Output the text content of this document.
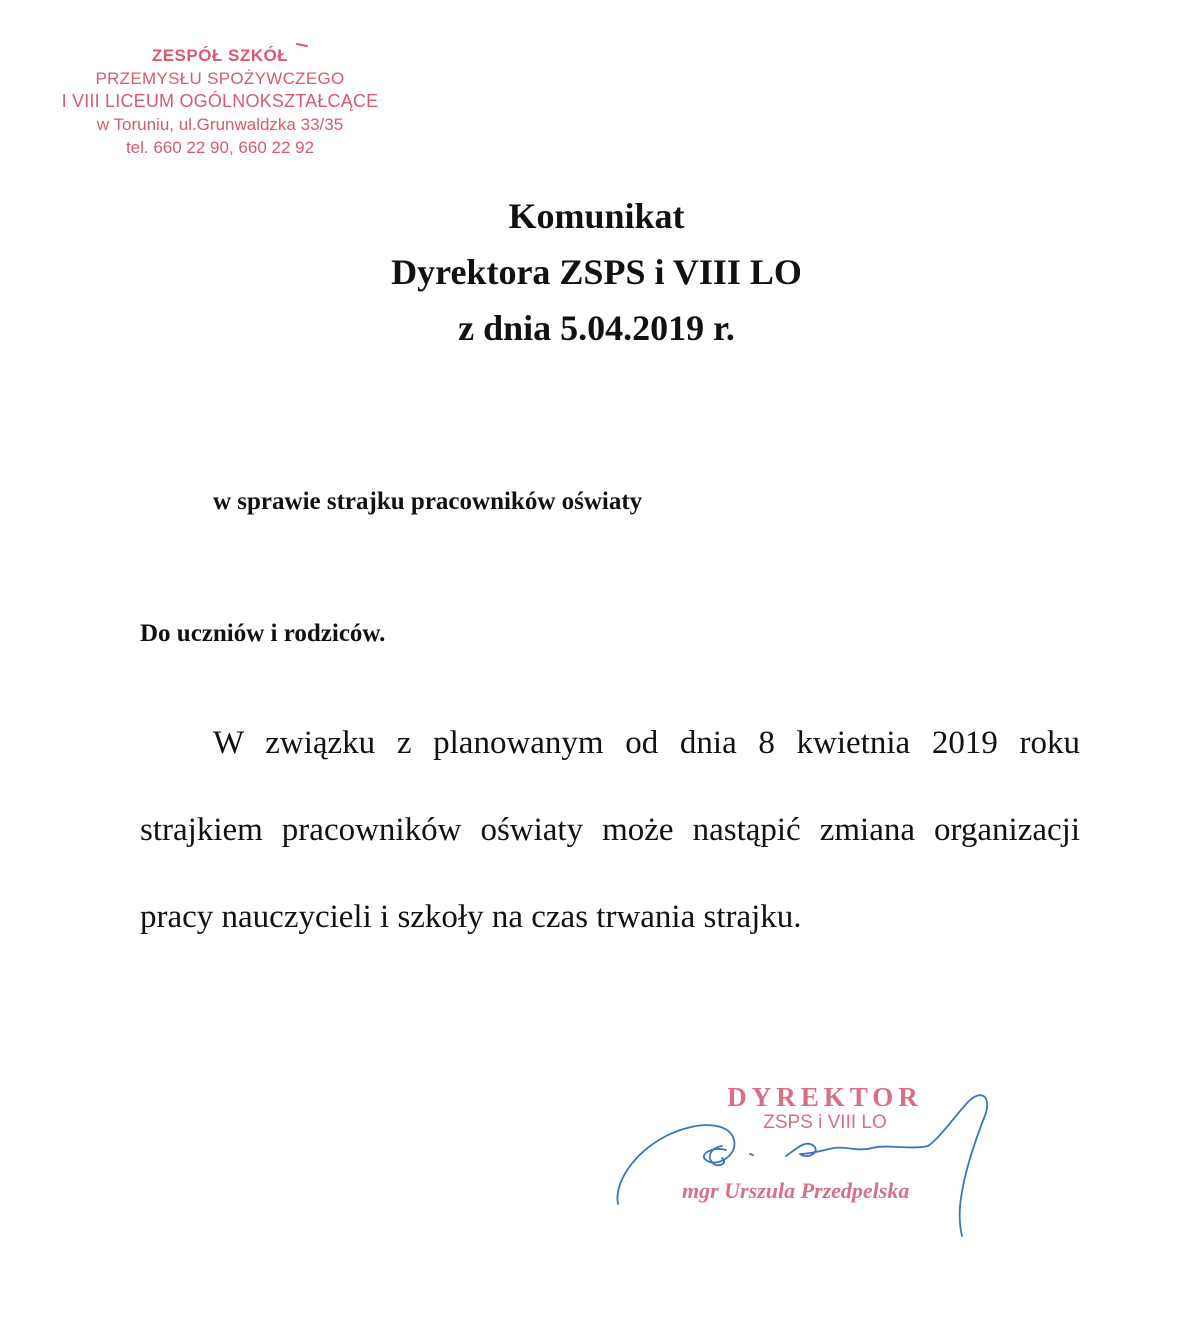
ZESPÓŁ SZKÓŁ
PRZEMYSŁU SPOŻYWCZEGO
I VIII LICEUM OGÓLNOKSZTAŁCĄCE
w Toruniu, ul.Grunwaldzka 33/35
tel. 660 22 90, 660 22 92
Komunikat
Dyrektora ZSPS i VIII LO
z dnia 5.04.2019 r.
w sprawie strajku pracowników oświaty
Do uczniów i rodziców.
W związku z planowanym od dnia 8 kwietnia 2019 roku strajkiem pracowników oświaty może nastąpić zmiana organizacji pracy nauczycieli i szkoły na czas trwania strajku.
DYREKTOR
ZSPS i VIII LO
mgr Urszula Przedpelska
